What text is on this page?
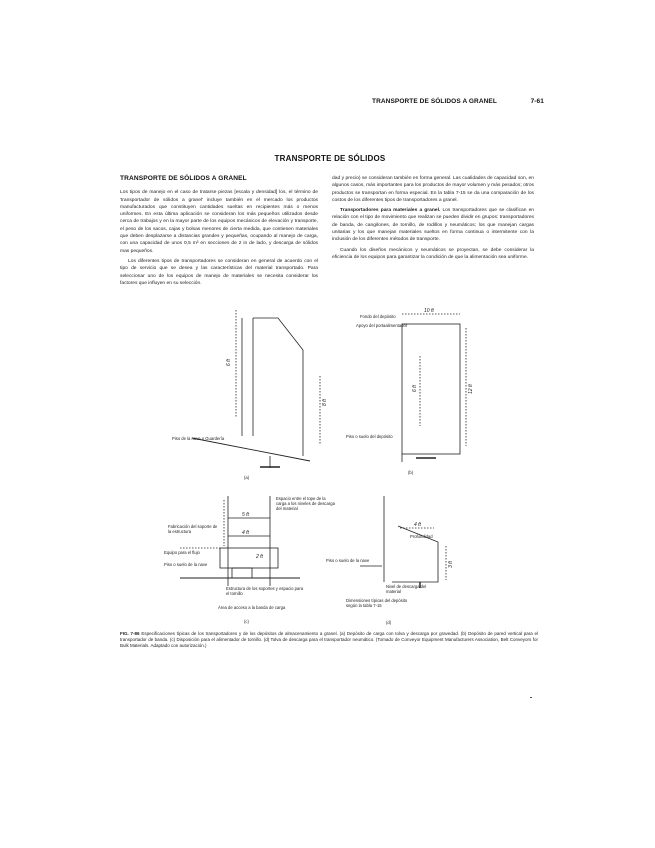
TRANSPORTE DE SÓLIDOS A GRANEL	7-61
TRANSPORTE DE SÓLIDOS
TRANSPORTE DE SÓLIDOS A GRANEL

Los tipos de manejo en el caso de tratarse piezas [escala y densidad] los, el término de 'transportador de sólidos a granel' incluye también en el mercado los productos manufacturados que constituyen cantidades sueltas en recipientes más o menos uniformes. En esta última aplicación se consideran los más pequeños utilizados desde cerca de trabajos y en la mayor parte de los equipos mecánicos de elevación y transporte, el peso de los sacos, cajas y bolsas menores de cierta medida, que contienen materiales que deben desplazarse a distancias grandes y pequeñas, ocupando al manejo de carga, con una capacidad de unos 0,5 m³ en secciones de 2 in de lado, y descarga de sólidos mas pequeños.

Los diferentes tipos de transportadores se consideran en general de acuerdo con el tipo de servicio que se desea y las características del material transportado. Para seleccionar uno de los equipos de manejo de materiales se necesita considerar los factores que influyen en su selección.

dad y precio) se consideran también en forma general. Las cualidades de capacidad son, en algunos casos, más importantes para los productos de mayor volumen y más pesados; otros productos se transportan en forma especial. En la tabla 7-15 se da una comparación de los costos de los diferentes tipos de transportadores a granel.

Transportadores para materiales a granel. Los transportadores que se clasifican en relación con el tipo de movimiento que realizan se pueden dividir en grupos: transportadores de banda, de cangilones, de tornillo, de rodillos y neumáticos; los que manejan cargas unitarias y los que manejan materiales sueltos en forma continua o intermitente con la inclusión de los diferentes métodos de transporte.

Cuando los diseños mecánicos y neumáticos se proyectan, se debe considerar la eficiencia de los equipos para garantizar la condición de que la alimentación sea uniforme.

6 ft
8 ft
Piso de la nave o Guardería
(a)
10 ft
12 ft
6 ft
Fondo del depósito
Apoyo del portaalimentador
Piso o suelo del depósito
(b)
5 ft
4 ft
2 ft
Espacio entre el tope de la carga a los niveles de descarga del material
Fabricación del soporte de la estructura
Equipo para el flujo
Piso o suelo de la nave
Estructura de los soportes y espacio para el tornillo
Área de acceso a la banda de carga
(c)
4 ft
3 ft
Profundidad
Piso o suelo de la nave
Nivel de descarga del material
Dimensiones típicas del depósito según la tabla 7-15
(d)
FIG. 7-86 Especificaciones típicas de los transportadores y de los depósitos de almacenamiento a granel. (a) Depósito de carga con tolva y descarga por gravedad. (b) Depósito de pared vertical para el transportador de banda. (c) Disposición para el alimentador de tornillo. (d) Tolva de descarga para el transportador neumático. (Tomado de Conveyor Equipment Manufacturers Association, Belt Conveyors for Bulk Materials. Adaptado con autorización.)
